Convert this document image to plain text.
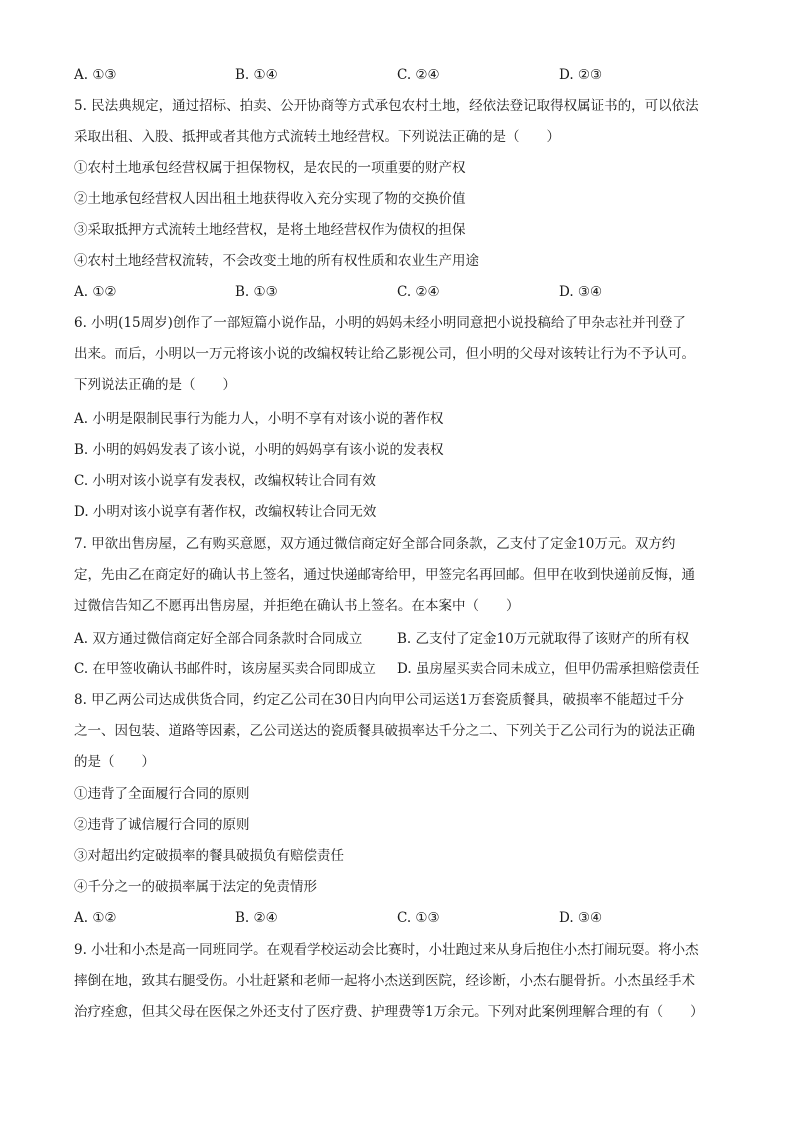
A. ①③	B. ①④	C. ②④	D. ②③
5. 民法典规定，通过招标、拍卖、公开协商等方式承包农村土地，经依法登记取得权属证书的，可以依法
采取出租、入股、抵押或者其他方式流转土地经营权。下列说法正确的是（　　）
①农村土地承包经营权属于担保物权，是农民的一项重要的财产权
②土地承包经营权人因出租土地获得收入充分实现了物的交换价值
③采取抵押方式流转土地经营权，是将土地经营权作为债权的担保
④农村土地经营权流转，不会改变土地的所有权性质和农业生产用途
A. ①②	B. ①③	C. ②④	D. ③④
6. 小明(15周岁)创作了一部短篇小说作品，小明的妈妈未经小明同意把小说投稿给了甲杂志社并刊登了
出来。而后，小明以一万元将该小说的改编权转让给乙影视公司，但小明的父母对该转让行为不予认可。
下列说法正确的是（　　）
A. 小明是限制民事行为能力人，小明不享有对该小说的著作权
B. 小明的妈妈发表了该小说，小明的妈妈享有该小说的发表权
C. 小明对该小说享有发表权，改编权转让合同有效
D. 小明对该小说享有著作权，改编权转让合同无效
7. 甲欲出售房屋，乙有购买意愿，双方通过微信商定好全部合同条款，乙支付了定金10万元。双方约
定，先由乙在商定好的确认书上签名，通过快递邮寄给甲，甲签完名再回邮。但甲在收到快递前反悔，通
过微信告知乙不愿再出售房屋，并拒绝在确认书上签名。在本案中（　　）
A. 双方通过微信商定好全部合同条款时合同成立	B. 乙支付了定金10万元就取得了该财产的所有权
C. 在甲签收确认书邮件时，该房屋买卖合同即成立 D. 虽房屋买卖合同未成立，但甲仍需承担赔偿责任
8. 甲乙两公司达成供货合同，约定乙公司在30日内向甲公司运送1万套瓷质餐具，破损率不能超过千分
之一、因包装、道路等因素，乙公司送达的瓷质餐具破损率达千分之二、下列关于乙公司行为的说法正确
的是（　　）
①违背了全面履行合同的原则
②违背了诚信履行合同的原则
③对超出约定破损率的餐具破损负有赔偿责任
④千分之一的破损率属于法定的免责情形
A. ①②	B. ②④	C. ①③	D. ③④
9. 小壮和小杰是高一同班同学。在观看学校运动会比赛时，小壮跑过来从身后抱住小杰打闹玩耍。将小杰
摔倒在地，致其右腿受伤。小壮赶紧和老师一起将小杰送到医院，经诊断，小杰右腿骨折。小杰虽经手术
治疗痊愈，但其父母在医保之外还支付了医疗费、护理费等1万余元。下列对此案例理解合理的有（　　）
